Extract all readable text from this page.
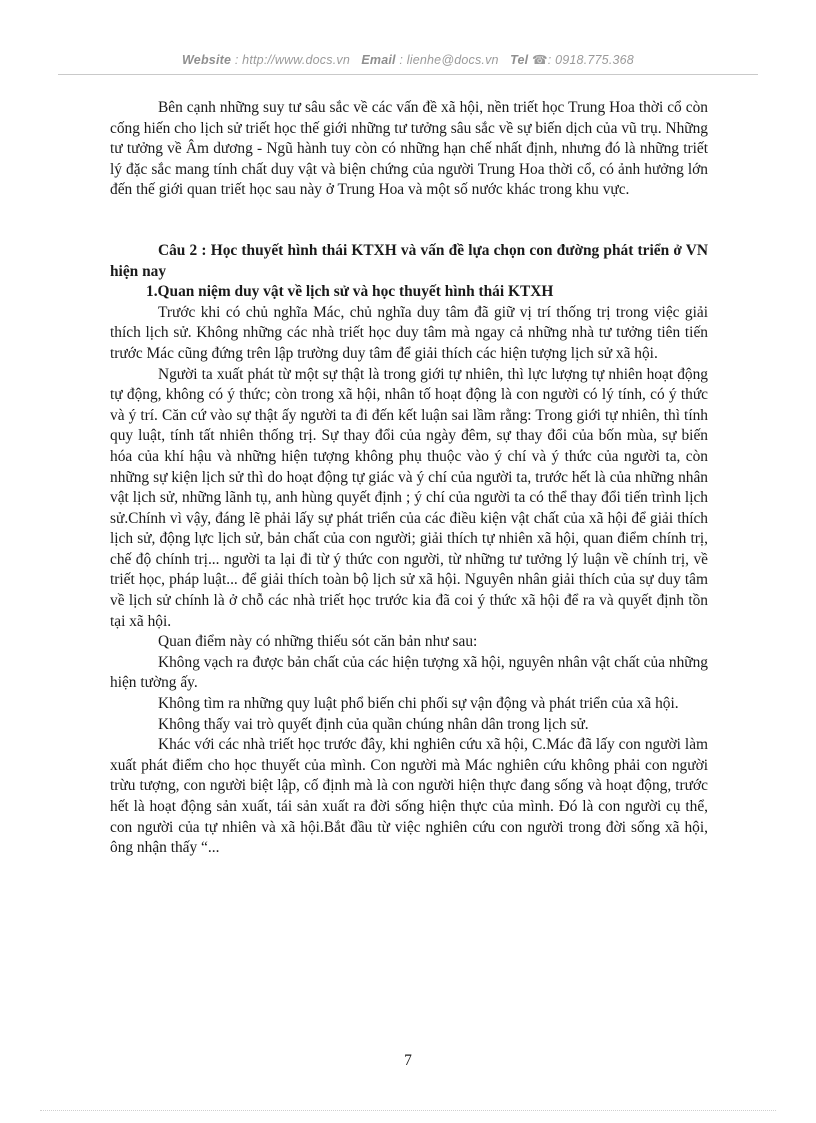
Website : http://www.docs.vn Email : lienhe@docs.vn Tel ☎: 0918.775.368

Bên cạnh những suy tư sâu sắc về các vấn đề xã hội, nền triết học Trung Hoa thời cổ còn cống hiến cho lịch sử triết học thế giới những tư tưởng sâu sắc về sự biến dịch của vũ trụ. Những tư tưởng về Âm dương - Ngũ hành tuy còn có những hạn chế nhất định, nhưng đó là những triết lý đặc sắc mang tính chất duy vật và biện chứng của người Trung Hoa thời cổ, có ảnh hưởng lớn đến thế giới quan triết học sau này ở Trung Hoa và một số nước khác trong khu vực.

Câu 2 : Học thuyết hình thái KTXH và vấn đề lựa chọn con đường phát triển ở VN hiện nay

1.Quan niệm duy vật về lịch sử và học thuyết hình thái KTXH

Trước khi có chủ nghĩa Mác, chủ nghĩa duy tâm đã giữ vị trí thống trị trong việc giải thích lịch sử. Không những các nhà triết học duy tâm mà ngay cả những nhà tư tưởng tiên tiến trước Mác cũng đứng trên lập trường duy tâm để giải thích các hiện tượng lịch sử xã hội.

Người ta xuất phát từ một sự thật là trong giới tự nhiên, thì lực lượng tự nhiên hoạt động tự động, không có ý thức; còn trong xã hội, nhân tố hoạt động là con người có lý tính, có ý thức và ý trí. Căn cứ vào sự thật ấy người ta đi đến kết luận sai lầm rằng: Trong giới tự nhiên, thì tính quy luật, tính tất nhiên thống trị. Sự thay đổi của ngày đêm, sự thay đổi của bốn mùa, sự biến hóa của khí hậu và những hiện tượng không phụ thuộc vào ý chí và ý thức của người ta, còn những sự kiện lịch sử thì do hoạt động tự giác và ý chí của người ta, trước hết là của những nhân vật lịch sử, những lãnh tụ, anh hùng quyết định ; ý chí của người ta có thể thay đổi tiến trình lịch sử.Chính vì vậy, đáng lẽ phải lấy sự phát triển của các điều kiện vật chất của xã hội để giải thích lịch sử, động lực lịch sử, bản chất của con người; giải thích tự nhiên xã hội, quan điểm chính trị, chế độ chính trị... người ta lại đi từ ý thức con người, từ những tư tưởng lý luận về chính trị, về triết học, pháp luật... để giải thích toàn bộ lịch sử xã hội. Nguyên nhân giải thích của sự duy tâm về lịch sử chính là ở chỗ các nhà triết học trước kia đã coi ý thức xã hội để ra và quyết định tồn tại xã hội.

Quan điểm này có những thiếu sót căn bản như sau:

Không vạch ra được bản chất của các hiện tượng xã hội, nguyên nhân vật chất của những hiện tường ấy.

Không tìm ra những quy luật phổ biến chi phối sự vận động và phát triển của xã hội.

Không thấy vai trò quyết định của quần chúng nhân dân trong lịch sử.

Khác với các nhà triết học trước đây, khi nghiên cứu xã hội, C.Mác đã lấy con người làm xuất phát điểm cho học thuyết của mình. Con người mà Mác nghiên cứu không phải con người trừu tượng, con người biệt lập, cố định mà là con người hiện thực đang sống và hoạt động, trước hết là hoạt động sản xuất, tái sản xuất ra đời sống hiện thực của mình. Đó là con người cụ thể, con người của tự nhiên và xã hội.Bắt đầu từ việc nghiên cứu con người trong đời sống xã hội, ông nhận thấy “...

7
